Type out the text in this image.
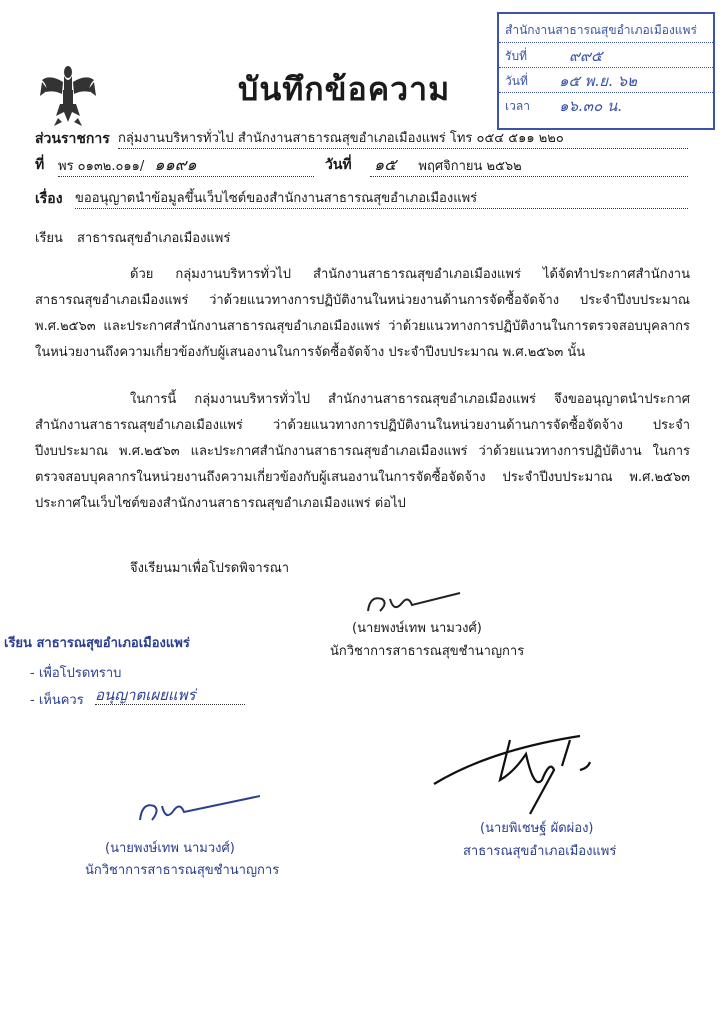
บันทึกข้อความ
สำนักงานสาธารณสุขอำเภอเมืองแพร่
รับที่	๙๙๕
วันที่ ๑๕ พ.ย. ๖๒
เวลา ๑๖.๓๐ น.
ส่วนราชการ กลุ่มงานบริหารทั่วไป สำนักงานสาธารณสุขอำเภอเมืองแพร่ โทร ๐๕๔ ๕๑๑ ๒๒๐
ที่ พร ๐๑๓๒.๐๑๑/ ๑๑๙๑	วันที่ ๑๕ พฤศจิกายน ๒๕๖๒
เรื่อง ขออนุญาตนำข้อมูลขึ้นเว็บไซต์ของสำนักงานสาธารณสุขอำเภอเมืองแพร่
เรียน สาธารณสุขอำเภอเมืองแพร่
ด้วย กลุ่มงานบริหารทั่วไป สำนักงานสาธารณสุขอำเภอเมืองแพร่ ได้จัดทำประกาศสำนักงานสาธารณสุขอำเภอเมืองแพร่ ว่าด้วยแนวทางการปฏิบัติงานในหน่วยงานด้านการจัดซื้อจัดจ้าง ประจำปีงบประมาณ พ.ศ.๒๕๖๓ และประกาศสำนักงานสาธารณสุขอำเภอเมืองแพร่ ว่าด้วยแนวทางการปฏิบัติงานในการตรวจสอบบุคลากรในหน่วยงานถึงความเกี่ยวข้องกับผู้เสนองานในการจัดซื้อจัดจ้าง ประจำปีงบประมาณ พ.ศ.๒๕๖๓ นั้น
ในการนี้ กลุ่มงานบริหารทั่วไป สำนักงานสาธารณสุขอำเภอเมืองแพร่ จึงขออนุญาตนำประกาศสำนักงานสาธารณสุขอำเภอเมืองแพร่ ว่าด้วยแนวทางการปฏิบัติงานในหน่วยงานด้านการจัดซื้อจัดจ้าง ประจำปีงบประมาณ พ.ศ.๒๕๖๓ และประกาศสำนักงานสาธารณสุขอำเภอเมืองแพร่ ว่าด้วยแนวทางการปฏิบัติงาน ในการตรวจสอบบุคลากรในหน่วยงานถึงความเกี่ยวข้องกับผู้เสนองานในการจัดซื้อจัดจ้าง ประจำปีงบประมาณ พ.ศ.๒๕๖๓ ประกาศในเว็บไซต์ของสำนักงานสาธารณสุขอำเภอเมืองแพร่ ต่อไป
จึงเรียนมาเพื่อโปรดพิจารณา
(นายพงษ์เทพ นามวงศ์)
นักวิชาการสาธารณสุขชำนาญการ
เรียน สาธารณสุขอำเภอเมืองแพร่
- เพื่อโปรดทราบ
- เห็นควร อนุญาตเผยแพร่
(นายพงษ์เทพ นามวงศ์)
นักวิชาการสาธารณสุขชำนาญการ
(นายพิเชษฐ์ ผัดผ่อง)
สาธารณสุขอำเภอเมืองแพร่
